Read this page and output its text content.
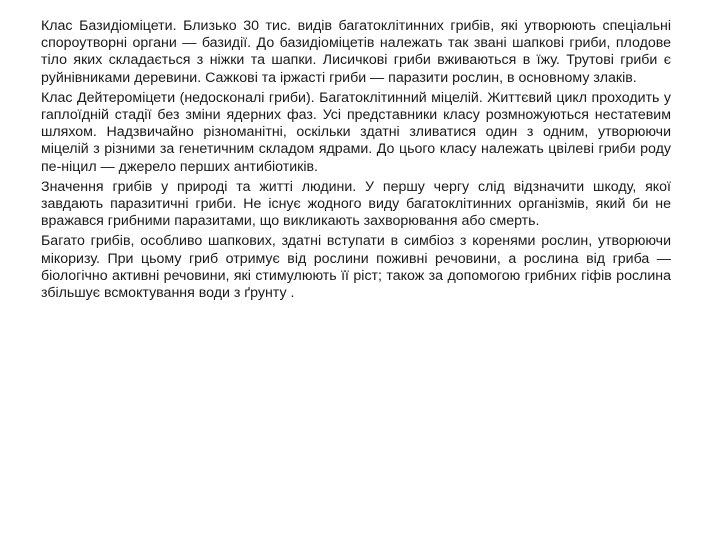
Клас Базидіоміцети. Близько 30 тис. видів багатоклітинних грибів, які утворюють спеціальні спороутворні органи — базидії. До базидіоміцетів належать так звані шапкові гриби, плодове тіло яких складається з ніжки та шапки. Лисичкові гриби вживаються в їжу. Трутові гриби є руйнівниками деревини. Сажкові та іржасті гриби — паразити рослин, в основному злаків.

Клас Дейтероміцети (недосконалі гриби). Багатоклітинний міцелій. Життєвий цикл проходить у гаплоїдній стадії без зміни ядерних фаз. Усі представники класу розмножуються нестатевим шляхом. Надзвичайно різноманітні, оскільки здатні зливатися один з одним, утворюючи міцелій з різними за генетичним складом ядрами. До цього класу належать цвілеві гриби роду пе-ніцил — джерело перших антибіотиків.

Значення грибів у природі та житті людини. У першу чергу слід відзначити шкоду, якої завдають паразитичні гриби. Не існує жодного виду багатоклітинних організмів, який би не вражався грибними паразитами, що викликають захворювання або смерть.

Багато грибів, особливо шапкових, здатні вступати в симбіоз з коренями рослин, утворюючи мікоризу. При цьому гриб отримує від рослини поживні речовини, а рослина від гриба — біологічно активні речовини, які стимулюють її ріст; також за допомогою грибних гіфів рослина збільшує всмоктування води з ґрунту .
